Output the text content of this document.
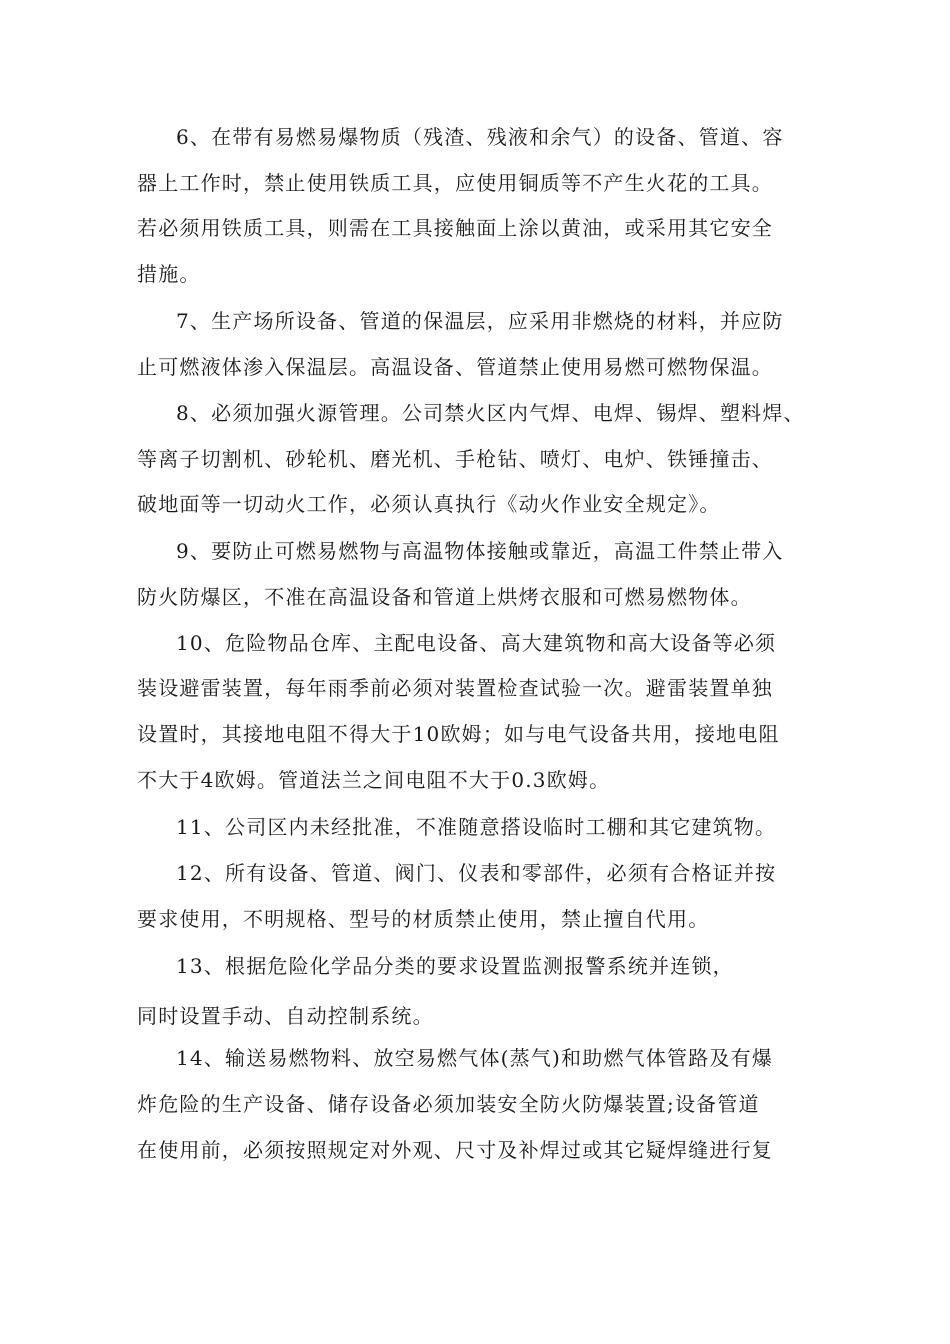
6、在带有易燃易爆物质（残渣、残液和余气）的设备、管道、容
器上工作时，禁止使用铁质工具，应使用铜质等不产生火花的工具。
若必须用铁质工具，则需在工具接触面上涂以黄油，或采用其它安全
措施。
7、生产场所设备、管道的保温层，应采用非燃烧的材料，并应防
止可燃液体渗入保温层。高温设备、管道禁止使用易燃可燃物保温。
8、必须加强火源管理。公司禁火区内气焊、电焊、锡焊、塑料焊、
等离子切割机、砂轮机、磨光机、手枪钻、喷灯、电炉、铁锤撞击、
破地面等一切动火工作，必须认真执行《动火作业安全规定》。
9、要防止可燃易燃物与高温物体接触或靠近，高温工件禁止带入
防火防爆区，不准在高温设备和管道上烘烤衣服和可燃易燃物体。
10、危险物品仓库、主配电设备、高大建筑物和高大设备等必须
装设避雷装置，每年雨季前必须对装置检查试验一次。避雷装置单独
设置时，其接地电阻不得大于10欧姆；如与电气设备共用，接地电阻
不大于4欧姆。管道法兰之间电阻不大于0.3欧姆。
11、公司区内未经批准，不准随意搭设临时工棚和其它建筑物。
12、所有设备、管道、阀门、仪表和零部件，必须有合格证并按
要求使用，不明规格、型号的材质禁止使用，禁止擅自代用。
13、根据危险化学品分类的要求设置监测报警系统并连锁，
同时设置手动、自动控制系统。
14、输送易燃物料、放空易燃气体(蒸气)和助燃气体管路及有爆
炸危险的生产设备、储存设备必须加装安全防火防爆装置;设备管道
在使用前，必须按照规定对外观、尺寸及补焊过或其它疑焊缝进行复
